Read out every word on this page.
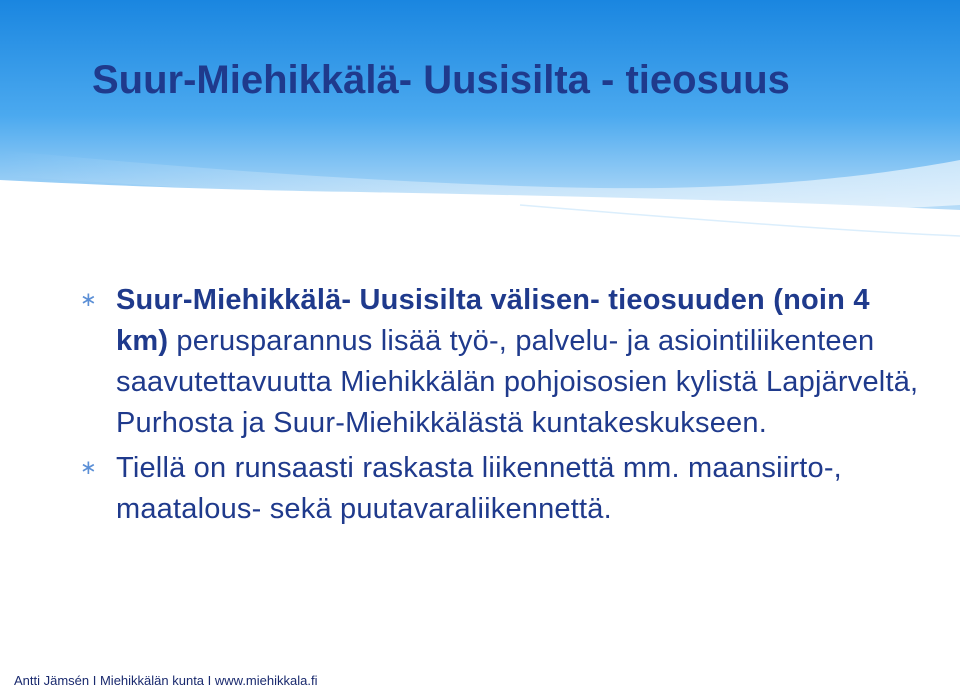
Suur-Miehikkälä- Uusisilta - tieosuus
∗ Suur-Miehikkälä- Uusisilta välisen- tieosuuden (noin 4 km) perusparannus lisää työ-, palvelu- ja asiointiliikenteen saavutettavuutta Miehikkälän pohjoisosien kylistä Lapjärveltä, Purhosta ja Suur-Miehikkälästä kuntakeskukseen.
∗ Tiellä on runsaasti raskasta liikennettä mm. maansiirto-, maatalous- sekä puutavaraliikennettä.
Antti Jämsén I Miehikkälän kunta I www.miehikkala.fi
